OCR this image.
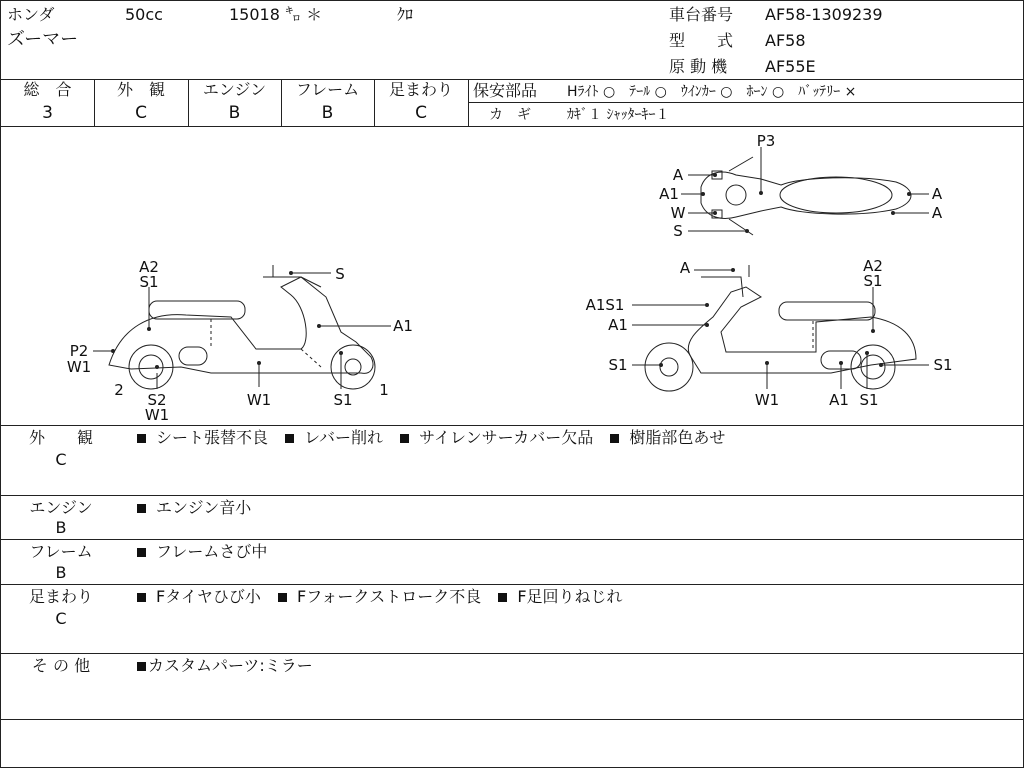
ホンダ	50cc	15018 ㌔ ＊	ｸﾛ
ズーマー
車台番号 AF58-1309239
型　　式 AF58
原 動 機 AF55E
総　合
3
外　観
C
エンジン
B
フレーム
B
足まわり
C
保安部品 Hﾗｲﾄ ○　ﾃｰﾙ ○　ｳｲﾝｶｰ ○　ﾎｰﾝ ○　ﾊﾞｯﾃﾘｰ ×
カ　ギ	ｶｷﾞ１ ｼｬｯﾀｰｷｰ１
A2
S1	S
A1
P2
W1
2
S2
W1
W1	S1
1
A	A2
S1
A1S1
A1
S1
W1	A1 S1
S1
P3
A
A1
W
S
A
A
外　　観
C
シート張替不良 レバー削れ サイレンサーカバー欠品 樹脂部色あせ
エンジン
B
エンジン音小
フレーム
B
フレームさび中
足まわり
C
Fタイヤひび小 Fフォークストローク不良 F足回りねじれ
そ の 他	カスタムパーツ:ミラー
